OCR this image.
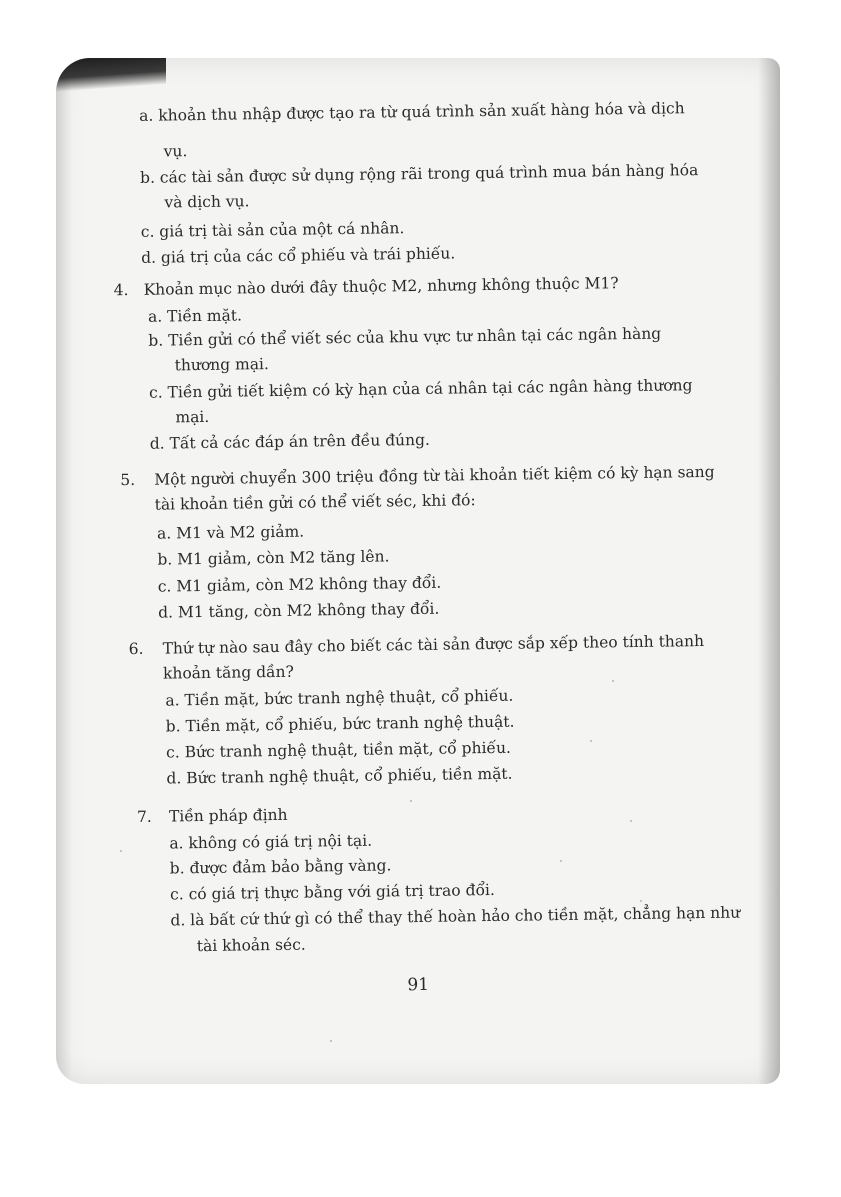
a. khoản thu nhập được tạo ra từ quá trình sản xuất hàng hóa và dịch
vụ.
b. các tài sản được sử dụng rộng rãi trong quá trình mua bán hàng hóa
và dịch vụ.
c. giá trị tài sản của một cá nhân.
d. giá trị của các cổ phiếu và trái phiếu.
4. Khoản mục nào dưới đây thuộc M2, nhưng không thuộc M1?
a. Tiền mặt.
b. Tiền gửi có thể viết séc của khu vực tư nhân tại các ngân hàng
thương mại.
c. Tiền gửi tiết kiệm có kỳ hạn của cá nhân tại các ngân hàng thương
mại.
d. Tất cả các đáp án trên đều đúng.
5. Một người chuyển 300 triệu đồng từ tài khoản tiết kiệm có kỳ hạn sang
tài khoản tiền gửi có thể viết séc, khi đó:
a. M1 và M2 giảm.
b. M1 giảm, còn M2 tăng lên.
c. M1 giảm, còn M2 không thay đổi.
d. M1 tăng, còn M2 không thay đổi.
6. Thứ tự nào sau đây cho biết các tài sản được sắp xếp theo tính thanh
khoản tăng dần?
a. Tiền mặt, bức tranh nghệ thuật, cổ phiếu.
b. Tiền mặt, cổ phiếu, bức tranh nghệ thuật.
c. Bức tranh nghệ thuật, tiền mặt, cổ phiếu.
d. Bức tranh nghệ thuật, cổ phiếu, tiền mặt.
7. Tiền pháp định
a. không có giá trị nội tại.
b. được đảm bảo bằng vàng.
c. có giá trị thực bằng với giá trị trao đổi.
d. là bất cứ thứ gì có thể thay thế hoàn hảo cho tiền mặt, chẳng hạn như
tài khoản séc.
91
